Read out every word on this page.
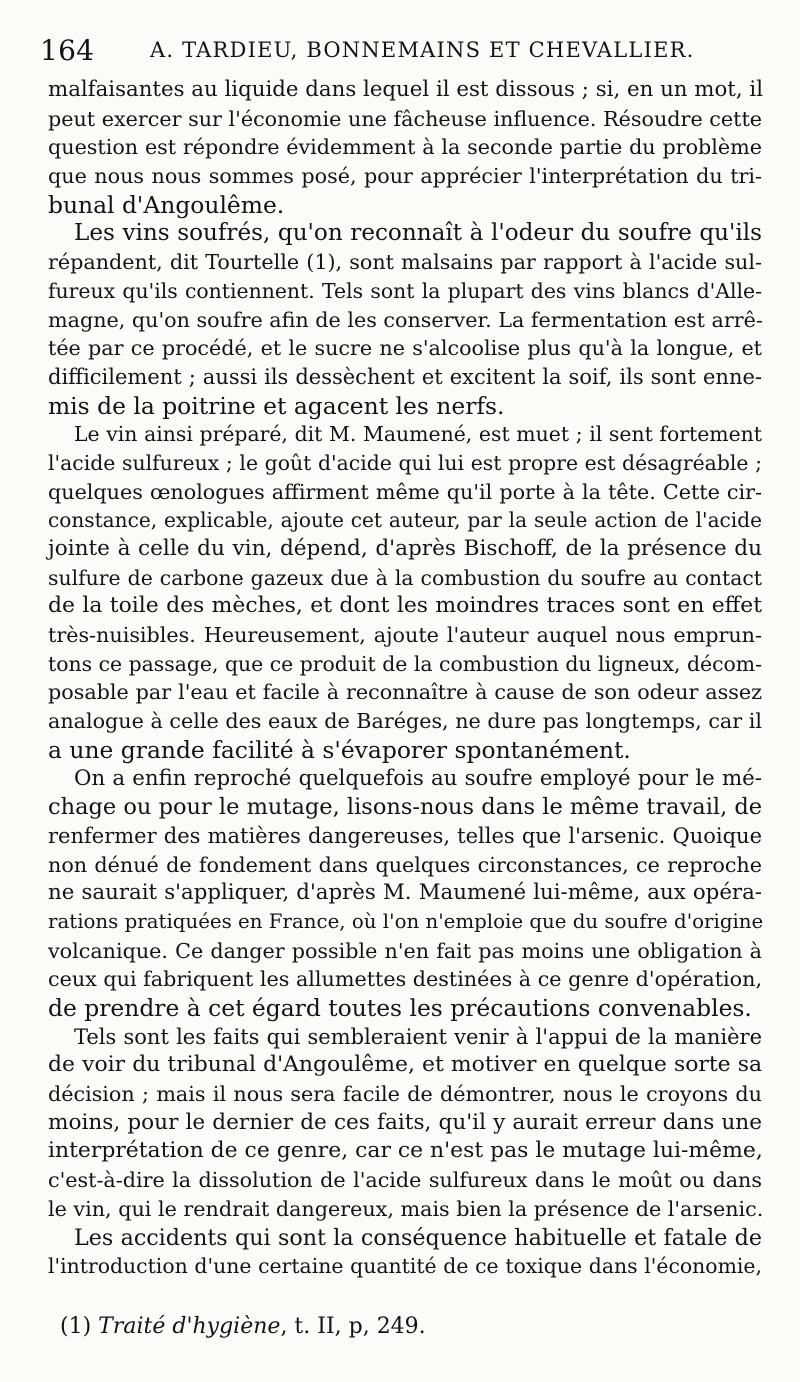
164	A. TARDIEU, BONNEMAINS ET CHEVALLIER.
malfaisantes au liquide dans lequel il est dissous ; si, en un mot, il
peut exercer sur l'économie une fâcheuse influence. Résoudre cette
question est répondre évidemment à la seconde partie du problème
que nous nous sommes posé, pour apprécier l'interprétation du tri-
bunal d'Angoulême.
Les vins soufrés, qu'on reconnaît à l'odeur du soufre qu'ils
répandent, dit Tourtelle (1), sont malsains par rapport à l'acide sul-
fureux qu'ils contiennent. Tels sont la plupart des vins blancs d'Alle-
magne, qu'on soufre afin de les conserver. La fermentation est arrê-
tée par ce procédé, et le sucre ne s'alcoolise plus qu'à la longue, et
difficilement ; aussi ils dessèchent et excitent la soif, ils sont enne-
mis de la poitrine et agacent les nerfs.
Le vin ainsi préparé, dit M. Maumené, est muet ; il sent fortement
l'acide sulfureux ; le goût d'acide qui lui est propre est désagréable ;
quelques œnologues affirment même qu'il porte à la tête. Cette cir-
constance, explicable, ajoute cet auteur, par la seule action de l'acide
jointe à celle du vin, dépend, d'après Bischoff, de la présence du
sulfure de carbone gazeux due à la combustion du soufre au contact
de la toile des mèches, et dont les moindres traces sont en effet
très-nuisibles. Heureusement, ajoute l'auteur auquel nous emprun-
tons ce passage, que ce produit de la combustion du ligneux, décom-
posable par l'eau et facile à reconnaître à cause de son odeur assez
analogue à celle des eaux de Baréges, ne dure pas longtemps, car il
a une grande facilité à s'évaporer spontanément.
On a enfin reproché quelquefois au soufre employé pour le mé-
chage ou pour le mutage, lisons-nous dans le même travail, de
renfermer des matières dangereuses, telles que l'arsenic. Quoique
non dénué de fondement dans quelques circonstances, ce reproche
ne saurait s'appliquer, d'après M. Maumené lui-même, aux opéra-
rations pratiquées en France, où l'on n'emploie que du soufre d'origine
volcanique. Ce danger possible n'en fait pas moins une obligation à
ceux qui fabriquent les allumettes destinées à ce genre d'opération,
de prendre à cet égard toutes les précautions convenables.
Tels sont les faits qui sembleraient venir à l'appui de la manière
de voir du tribunal d'Angoulême, et motiver en quelque sorte sa
décision ; mais il nous sera facile de démontrer, nous le croyons du
moins, pour le dernier de ces faits, qu'il y aurait erreur dans une
interprétation de ce genre, car ce n'est pas le mutage lui-même,
c'est-à-dire la dissolution de l'acide sulfureux dans le moût ou dans
le vin, qui le rendrait dangereux, mais bien la présence de l'arsenic.
Les accidents qui sont la conséquence habituelle et fatale de
l'introduction d'une certaine quantité de ce toxique dans l'économie,
(1) Traité d'hygiène, t. II, p, 249.
